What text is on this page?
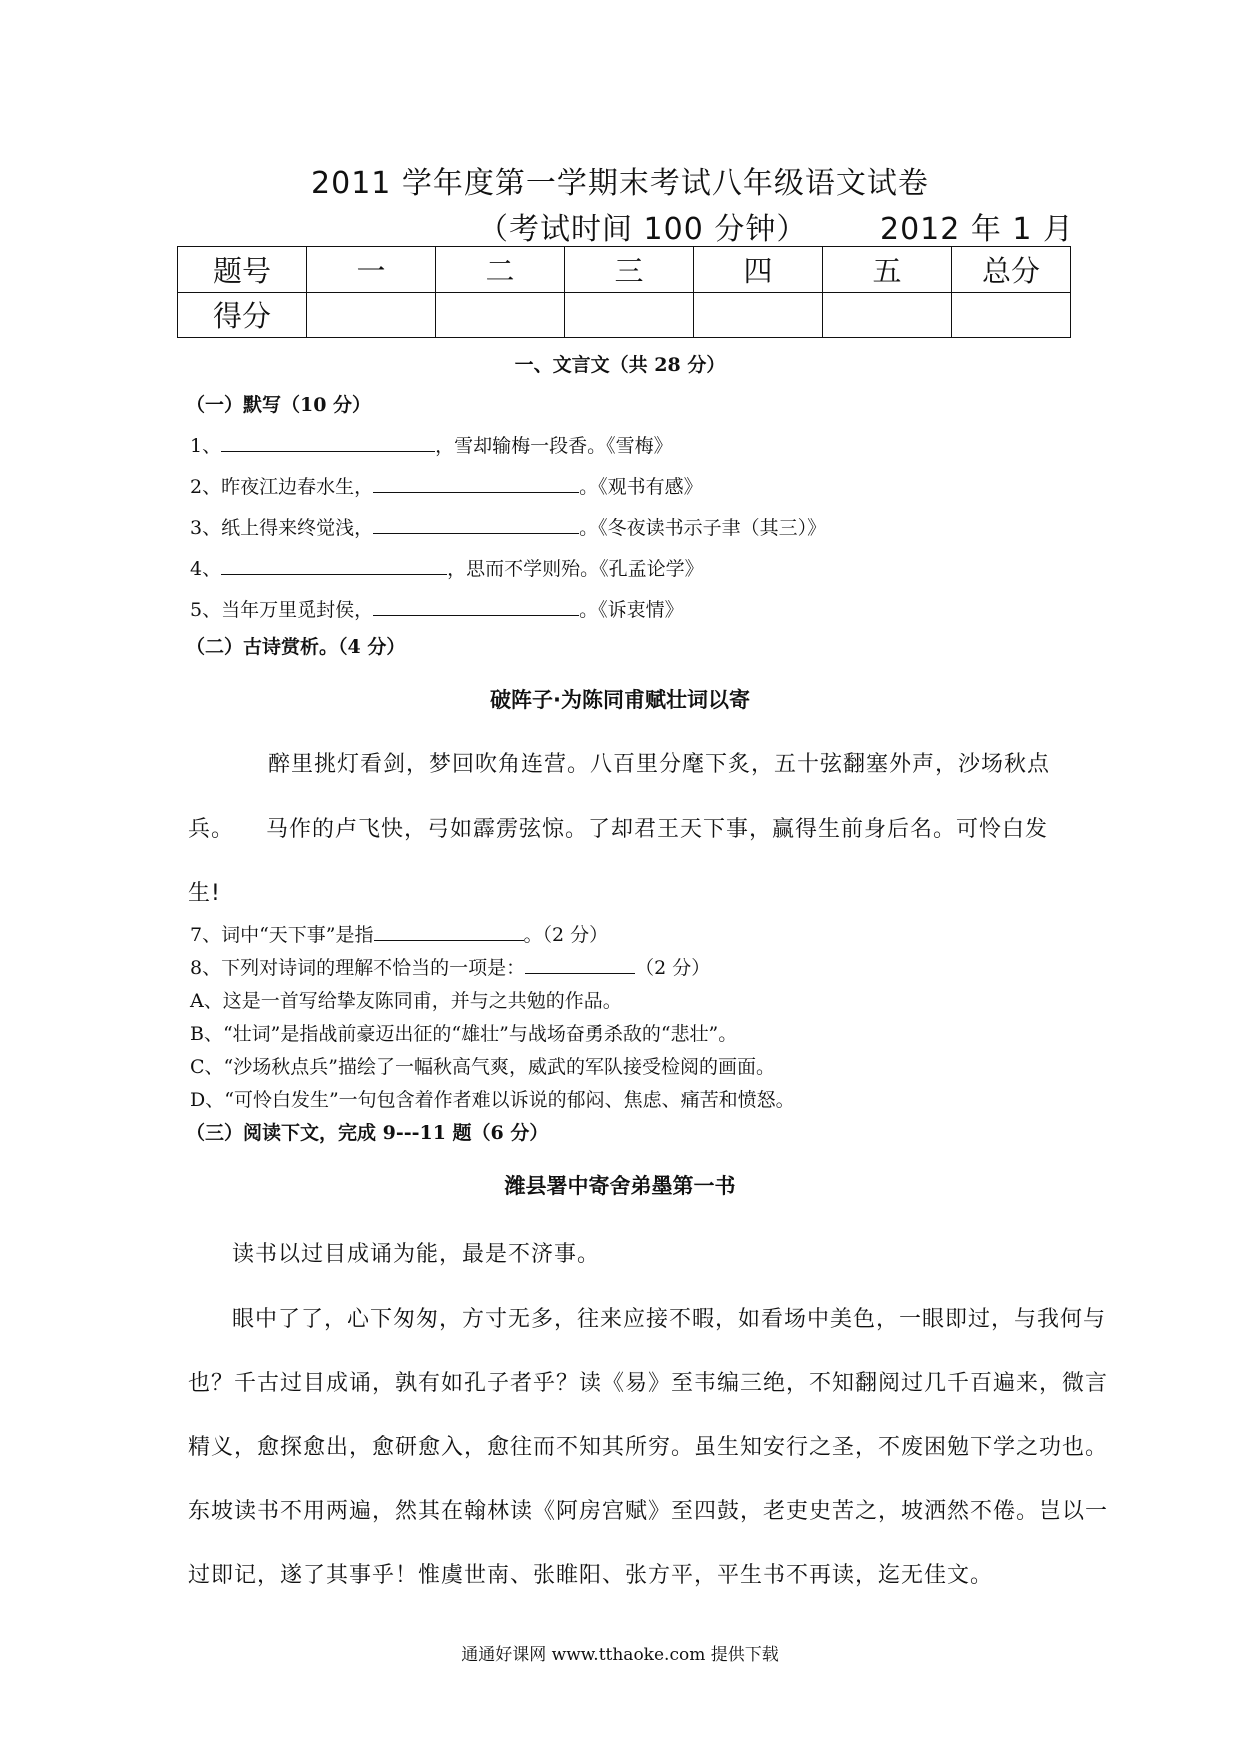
2011 学年度第一学期末考试八年级语文试卷
（考试时间 100 分钟） 2012 年 1 月
题号	一	二	三	四	五	总分
得分						
一、文言文（共 28 分）
（一）默写（10 分）
1、	，雪却输梅一段香。《雪梅》
2、昨夜江边春水生，	。《观书有感》
3、纸上得来终觉浅，	。《冬夜读书示子聿（其三）》
4、	，思而不学则殆。《孔孟论学》
5、当年万里觅封侯，	。《诉衷情》
（二）古诗赏析。（4 分）
破阵子·为陈同甫赋壮词以寄
醉里挑灯看剑，梦回吹角连营。八百里分麾下炙，五十弦翻塞外声，沙场秋点
兵。    马作的卢飞快，弓如霹雳弦惊。了却君王天下事，赢得生前身后名。可怜白发
生!
7、词中“天下事”是指	。（2 分）
8、下列对诗词的理解不恰当的一项是：	（2 分）
A、这是一首写给挚友陈同甫，并与之共勉的作品。
B、“壮词”是指战前豪迈出征的“雄壮”与战场奋勇杀敌的“悲壮”。
C、“沙场秋点兵”描绘了一幅秋高气爽，威武的军队接受检阅的画面。
D、“可怜白发生”一句包含着作者难以诉说的郁闷、焦虑、痛苦和愤怒。
（三）阅读下文，完成 9---11 题（6 分）
潍县署中寄舍弟墨第一书
读书以过目成诵为能，最是不济事。
眼中了了，心下匆匆，方寸无多，往来应接不暇，如看场中美色，一眼即过，与我何与
也？千古过目成诵，孰有如孔子者乎？读《易》至韦编三绝，不知翻阅过几千百遍来，微言
精义，愈探愈出，愈研愈入，愈往而不知其所穷。虽生知安行之圣，不废困勉下学之功也。
东坡读书不用两遍，然其在翰林读《阿房宫赋》至四鼓，老吏史苦之，坡洒然不倦。岂以一
过即记，遂了其事乎！惟虞世南、张睢阳、张方平，平生书不再读，迄无佳文。
通通好课网 www.tthaoke.com 提供下载
